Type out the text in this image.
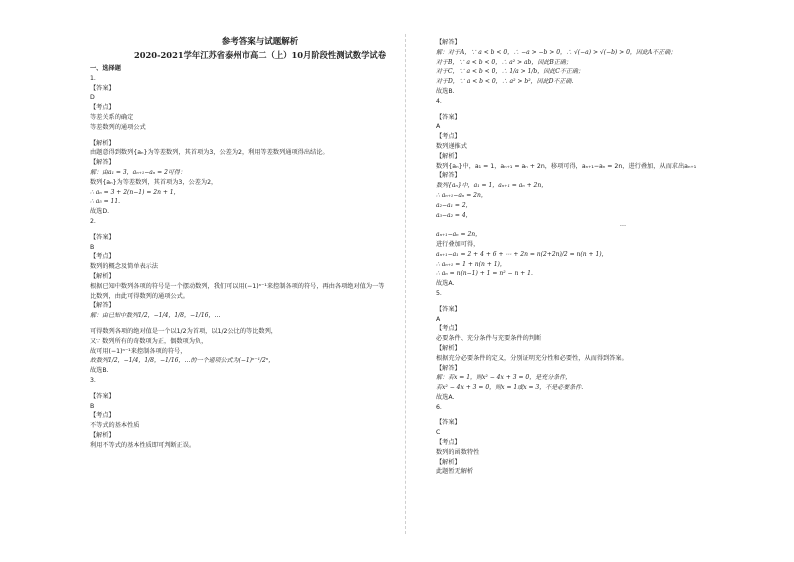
参考答案与试题解析
2020-2021学年江苏省泰州市高二（上）10月阶段性测试数学试卷
一、选择题
1.
【答案】
D
【考点】
等差关系的确定
等差数列的通项公式
【解析】
由题意得到数列{aₙ}为等差数列，其首项为3，公差为2，利用等差数列通项得出结论。
【解答】
解：由a₁ = 3，aₙ₊₁−aₙ = 2可得：
数列{aₙ}为等差数列，其首项为3，公差为2，
∴ aₙ = 3 + 2(n−1) = 2n + 1，
∴ a₅ = 11.
故选D.
2.
【答案】
B
【考点】
数列的概念及简单表示法
【解析】
根据已知中数列各项的符号是一个摆动数列，我们可以用(−1)ⁿ⁻¹来控制各项的符号，再由各项绝对值为一等
比数列，由此可得数列的通项公式。
【解答】
解：由已知中数列1/2，−1/4，1/8，−1/16，…
可得数列各项的绝对值是一个以1/2为首项，以1/2公比的等比数列，
又∵ 数列所有的奇数项为正，偶数项为负，
故可用(−1)ⁿ⁻¹来控制各项的符号，
故数列1/2，−1/4，1/8，−1/16，…的一个通项公式为(−1)ⁿ⁻¹/2ⁿ，
故选B.
3.
【答案】
B
【考点】
不等式的基本性质
【解析】
利用不等式的基本性质即可判断正误。
【解答】
解：对于A，∵ a < b < 0，∴ −a > −b > 0，∴ √(−a) > √(−b) > 0，因此A不正确；
对于B，∵ a < b < 0，∴ a² > ab，因此B正确；
对于C，∵ a < b < 0，∴ 1/a > 1/b，因此C不正确；
对于D，∵ a < b < 0，∴ a² > b²，因此D不正确.
故选B.
4.
【答案】
A
【考点】
数列递推式
【解析】
数列{aₙ}中，a₁ = 1，aₙ₊₁ = aₙ + 2n，移项可得，aₙ₊₁−aₙ = 2n，进行叠加，从而求出aₙ₊₁
【解答】
数列{aₙ}中，a₁ = 1，aₙ₊₁ = aₙ + 2n，
∴ aₙ₊₁−aₙ = 2n，
a₂−a₁ = 2，
a₃−a₂ = 4，
…
aₙ₊₁−aₙ = 2n，
进行叠加可得，
aₙ₊₁−a₁ = 2 + 4 + 6 + ⋯ + 2n = n(2+2n)/2 = n(n + 1)，
∴ aₙ₊₁ = 1 + n(n + 1)，
∴ aₙ = n(n−1) + 1 = n² − n + 1.
故选A.
5.
【答案】
A
【考点】
必要条件、充分条件与充要条件的判断
【解析】
根据充分必要条件的定义，分别证明充分性和必要性，从而得到答案。
【解答】
解：若x = 1，则x² − 4x + 3 = 0，是充分条件，
若x² − 4x + 3 = 0，则x = 1或x = 3，不是必要条件.
故选A.
6.
【答案】
C
【考点】
数列的函数特性
【解析】
此题暂无解析
